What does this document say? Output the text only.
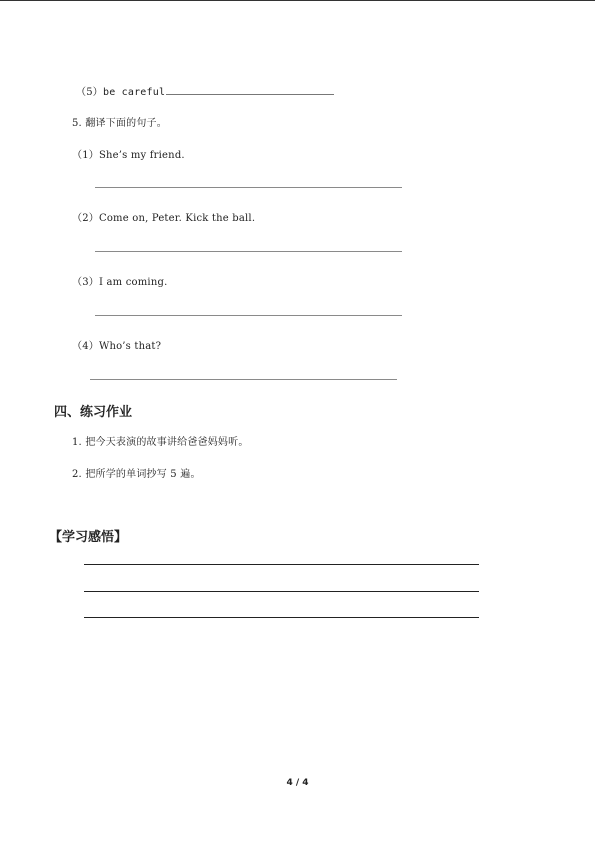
（5）be careful
5. 翻译下面的句子。
（1）She’s my friend.
（2）Come on, Peter. Kick the ball.
（3）I am coming.
（4）Who’s that?
四、练习作业
1. 把今天表演的故事讲给爸爸妈妈听。
2. 把所学的单词抄写 5 遍。
【学习感悟】
4 / 4
